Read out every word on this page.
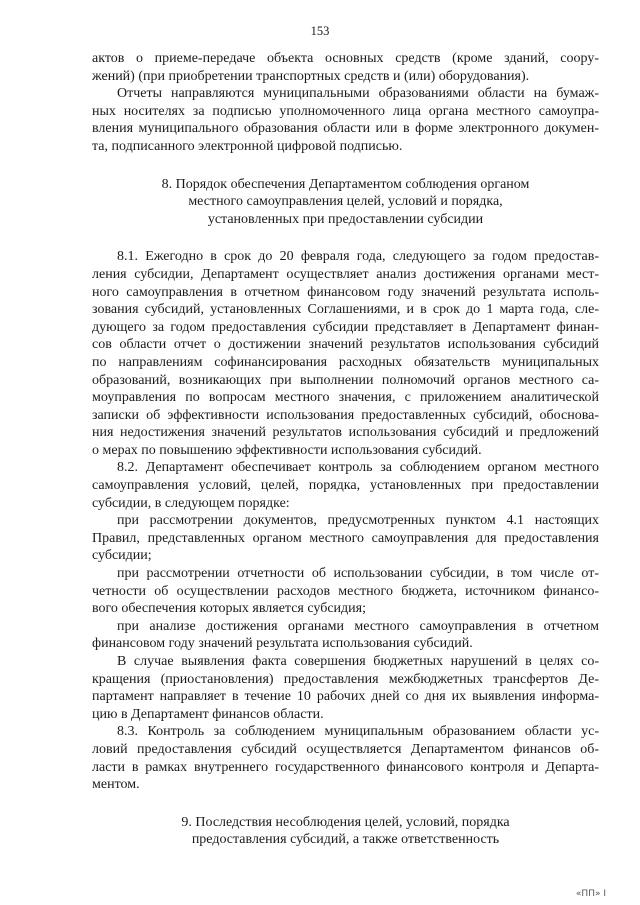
153
актов о приеме-передаче объекта основных средств (кроме зданий, соору-
жений) (при приобретении транспортных средств и (или) оборудования).
Отчеты направляются муниципальными образованиями области на бумаж-
ных носителях за подписью уполномоченного лица органа местного самоупра-
вления муниципального образования области или в форме электронного докумен-
та, подписанного электронной цифровой подписью.
8. Порядок обеспечения Департаментом соблюдения органом
местного самоуправления целей, условий и порядка,
установленных при предоставлении субсидии
8.1. Ежегодно в срок до 20 февраля года, следующего за годом предостав-
ления субсидии, Департамент осуществляет анализ достижения органами мест-
ного самоуправления в отчетном финансовом году значений результата исполь-
зования субсидий, установленных Соглашениями, и в срок до 1 марта года, сле-
дующего за годом предоставления субсидии представляет в Департамент финан-
сов области отчет о достижении значений результатов использования субсидий
по направлениям софинансирования расходных обязательств муниципальных
образований, возникающих при выполнении полномочий органов местного са-
моуправления по вопросам местного значения, с приложением аналитической
записки об эффективности использования предоставленных субсидий, обоснова-
ния недостижения значений результатов использования субсидий и предложений
о мерах по повышению эффективности использования субсидий.
8.2. Департамент обеспечивает контроль за соблюдением органом местного
самоуправления условий, целей, порядка, установленных при предоставлении
субсидии, в следующем порядке:
при рассмотрении документов, предусмотренных пунктом 4.1 настоящих
Правил, представленных органом местного самоуправления для предоставления
субсидии;
при рассмотрении отчетности об использовании субсидии, в том числе от-
четности об осуществлении расходов местного бюджета, источником финансо-
вого обеспечения которых является субсидия;
при анализе достижения органами местного самоуправления в отчетном
финансовом году значений результата использования субсидий.
В случае выявления факта совершения бюджетных нарушений в целях со-
кращения (приостановления) предоставления межбюджетных трансфертов Де-
партамент направляет в течение 10 рабочих дней со дня их выявления информа-
цию в Департамент финансов области.
8.3. Контроль за соблюдением муниципальным образованием области ус-
ловий предоставления субсидий осуществляется Департаментом финансов об-
ласти в рамках внутреннего государственного финансового контроля и Департа-
ментом.
9. Последствия несоблюдения целей, условий, порядка
предоставления субсидий, а также ответственность
«ПП» I
